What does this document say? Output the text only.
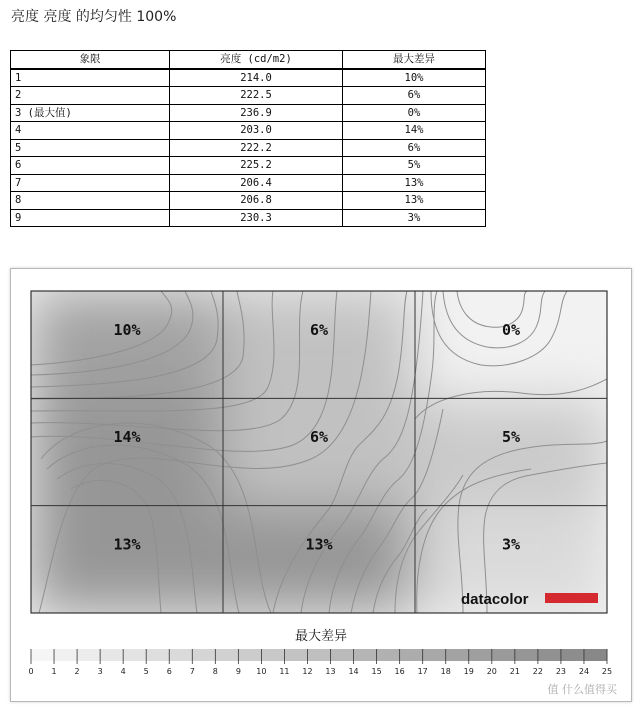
亮度 亮度 的均匀性 100%
象限	亮度 (cd/m2)	最大差异
1	214.0	10%
2	222.5	6%
3 (最大值)	236.9	0%
4	203.0	14%
5	222.2	6%
6	225.2	5%
7	206.4	13%
8	206.8	13%
9	230.3	3%
10%	6%	0%
14%	6%	5%
13%	13%	3%
datacolor
最大差异
0 1 2 3 4 5 6 7 8 9 10 11 12 13 14 15 16 17 18 19 20 21 22 23 24 25
值 什么值得买
